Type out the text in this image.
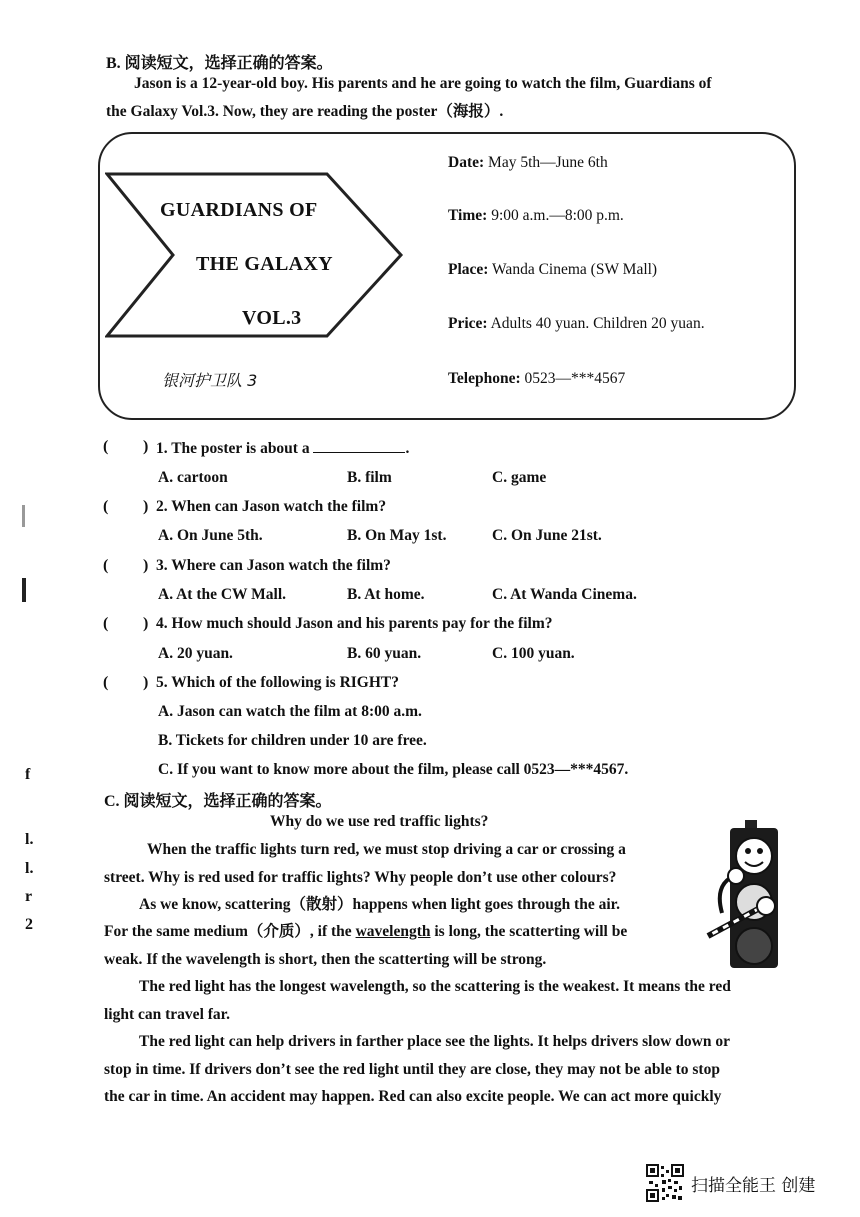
B. 阅读短文，选择正确的答案。
Jason is a 12-year-old boy. His parents and he are going to watch the film, Guardians of
the Galaxy Vol.3. Now, they are reading the poster（海报）.
GUARDIANS OF
THE GALAXY
VOL.3
银河护卫队 3
Date: May 5th—June 6th
Time: 9:00 a.m.—8:00 p.m.
Place: Wanda Cinema (SW Mall)
Price: Adults 40 yuan. Children 20 yuan.
Telephone: 0523—***4567
( ) 1. The poster is about a	.
A. cartoon	B. film	C. game
( ) 2. When can Jason watch the film?
A. On June 5th.	B. On May 1st.	C. On June 21st.
( ) 3. Where can Jason watch the film?
A. At the CW Mall.	B. At home.	C. At Wanda Cinema.
( ) 4. How much should Jason and his parents pay for the film?
A. 20 yuan.	B. 60 yuan.	C. 100 yuan.
( ) 5. Which of the following is RIGHT?
A. Jason can watch the film at 8:00 a.m.
B. Tickets for children under 10 are free.
C. If you want to know more about the film, please call 0523—***4567.
C. 阅读短文，选择正确的答案。
Why do we use red traffic lights?
When the traffic lights turn red, we must stop driving a car or crossing a
street. Why is red used for traffic lights? Why people don’t use other colours?
As we know, scattering（散射）happens when light goes through the air.
For the same medium（介质）, if the wavelength is long, the scatterting will be
weak. If the wavelength is short, then the scatterting will be strong.
The red light has the longest wavelength, so the scattering is the weakest. It means the red
light can travel far.
The red light can help drivers in farther place see the lights. It helps drivers slow down or
stop in time. If drivers don’t see the red light until they are close, they may not be able to stop
the car in time. An accident may happen. Red can also excite people. We can act more quickly
f
l.
l.
r
2
扫描全能王 创建
